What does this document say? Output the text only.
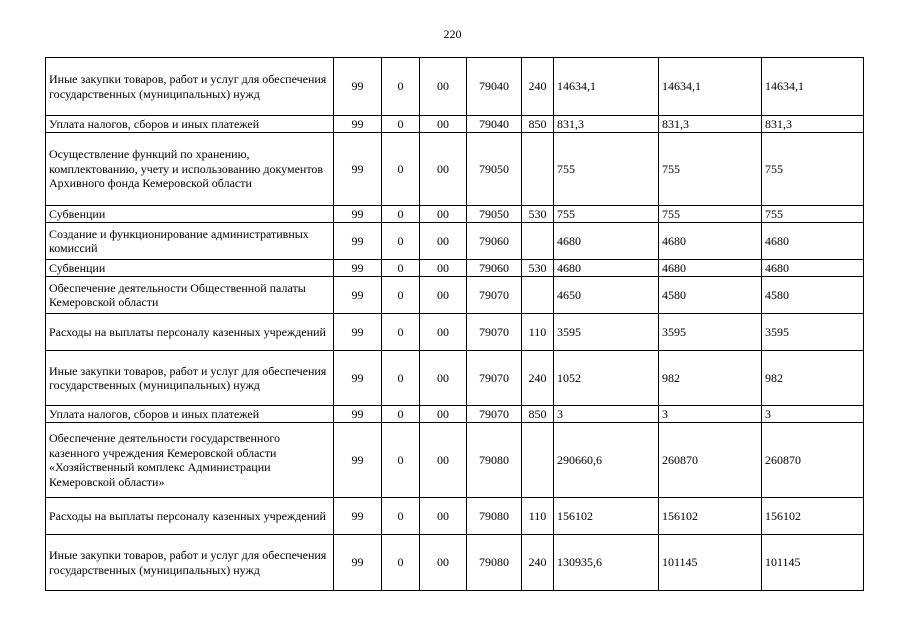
220
Иные закупки товаров, работ и услуг для обеспечения государственных (муниципальных) нужд	99	0	00	79040	240	14634,1	14634,1	14634,1
Уплата налогов, сборов и иных платежей	99	0	00	79040	850	831,3	831,3	831,3
Осуществление функций по хранению, комплектованию, учету и использованию документов Архивного фонда Кемеровской области	99	0	00	79050		755	755	755
Субвенции	99	0	00	79050	530	755	755	755
Создание и функционирование административных комиссий	99	0	00	79060		4680	4680	4680
Субвенции	99	0	00	79060	530	4680	4680	4680
Обеспечение деятельности Общественной палаты Кемеровской области	99	0	00	79070		4650	4580	4580
Расходы на выплаты персоналу казенных учреждений	99	0	00	79070	110	3595	3595	3595
Иные закупки товаров, работ и услуг для обеспечения государственных (муниципальных) нужд	99	0	00	79070	240	1052	982	982
Уплата налогов, сборов и иных платежей	99	0	00	79070	850	3	3	3
Обеспечение деятельности государственного казенного учреждения Кемеровской области «Хозяйственный комплекс Администрации Кемеровской области»	99	0	00	79080		290660,6	260870	260870
Расходы на выплаты персоналу казенных учреждений	99	0	00	79080	110	156102	156102	156102
Иные закупки товаров, работ и услуг для обеспечения государственных (муниципальных) нужд	99	0	00	79080	240	130935,6	101145	101145
